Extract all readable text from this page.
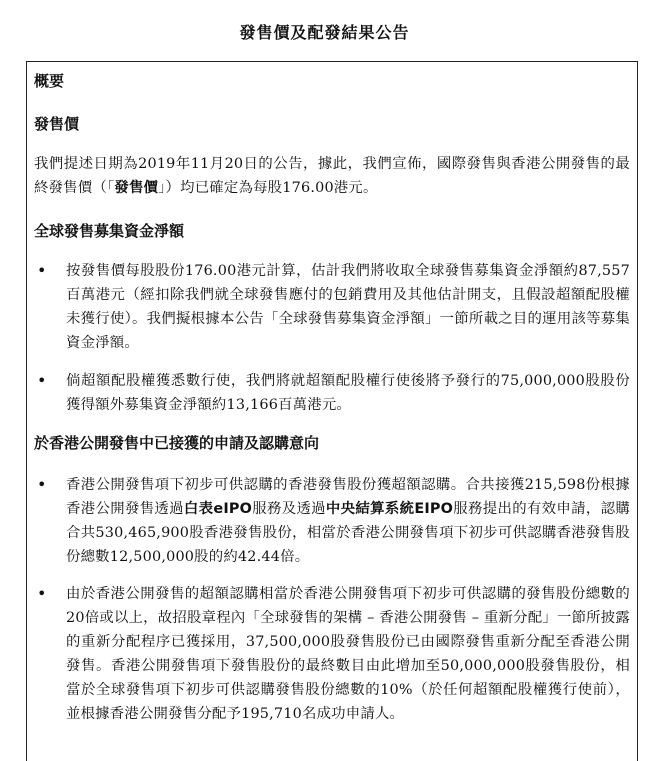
發售價及配發結果公告
概要
發售價
我們提述日期為2019年11月20日的公告，據此，我們宣佈，國際發售與香港公開發售的最終發售價（「發售價」）均已確定為每股176.00港元。
全球發售募集資金淨額
• 按發售價每股股份176.00港元計算，估計我們將收取全球發售募集資金淨額約87,557百萬港元（經扣除我們就全球發售應付的包銷費用及其他估計開支，且假設超額配股權未獲行使）。我們擬根據本公告「全球發售募集資金淨額」一節所載之目的運用該等募集資金淨額。
• 倘超額配股權獲悉數行使，我們將就超額配股權行使後將予發行的75,000,000股股份獲得額外募集資金淨額約13,166百萬港元。
於香港公開發售中已接獲的申請及認購意向
• 香港公開發售項下初步可供認購的香港發售股份獲超額認購。合共接獲215,598份根據香港公開發售透過白表eIPO服務及透過中央結算系統EIPO服務提出的有效申請，認購合共530,465,900股香港發售股份，相當於香港公開發售項下初步可供認購香港發售股份總數12,500,000股的約42.44倍。
• 由於香港公開發售的超額認購相當於香港公開發售項下初步可供認購的發售股份總數的20倍或以上，故招股章程內「全球發售的架構 – 香港公開發售 – 重新分配」一節所披露的重新分配程序已獲採用，37,500,000股發售股份已由國際發售重新分配至香港公開發售。香港公開發售項下發售股份的最終數目由此增加至50,000,000股發售股份，相當於全球發售項下初步可供認購發售股份總數的10%（於任何超額配股權獲行使前），並根據香港公開發售分配予195,710名成功申請人。
